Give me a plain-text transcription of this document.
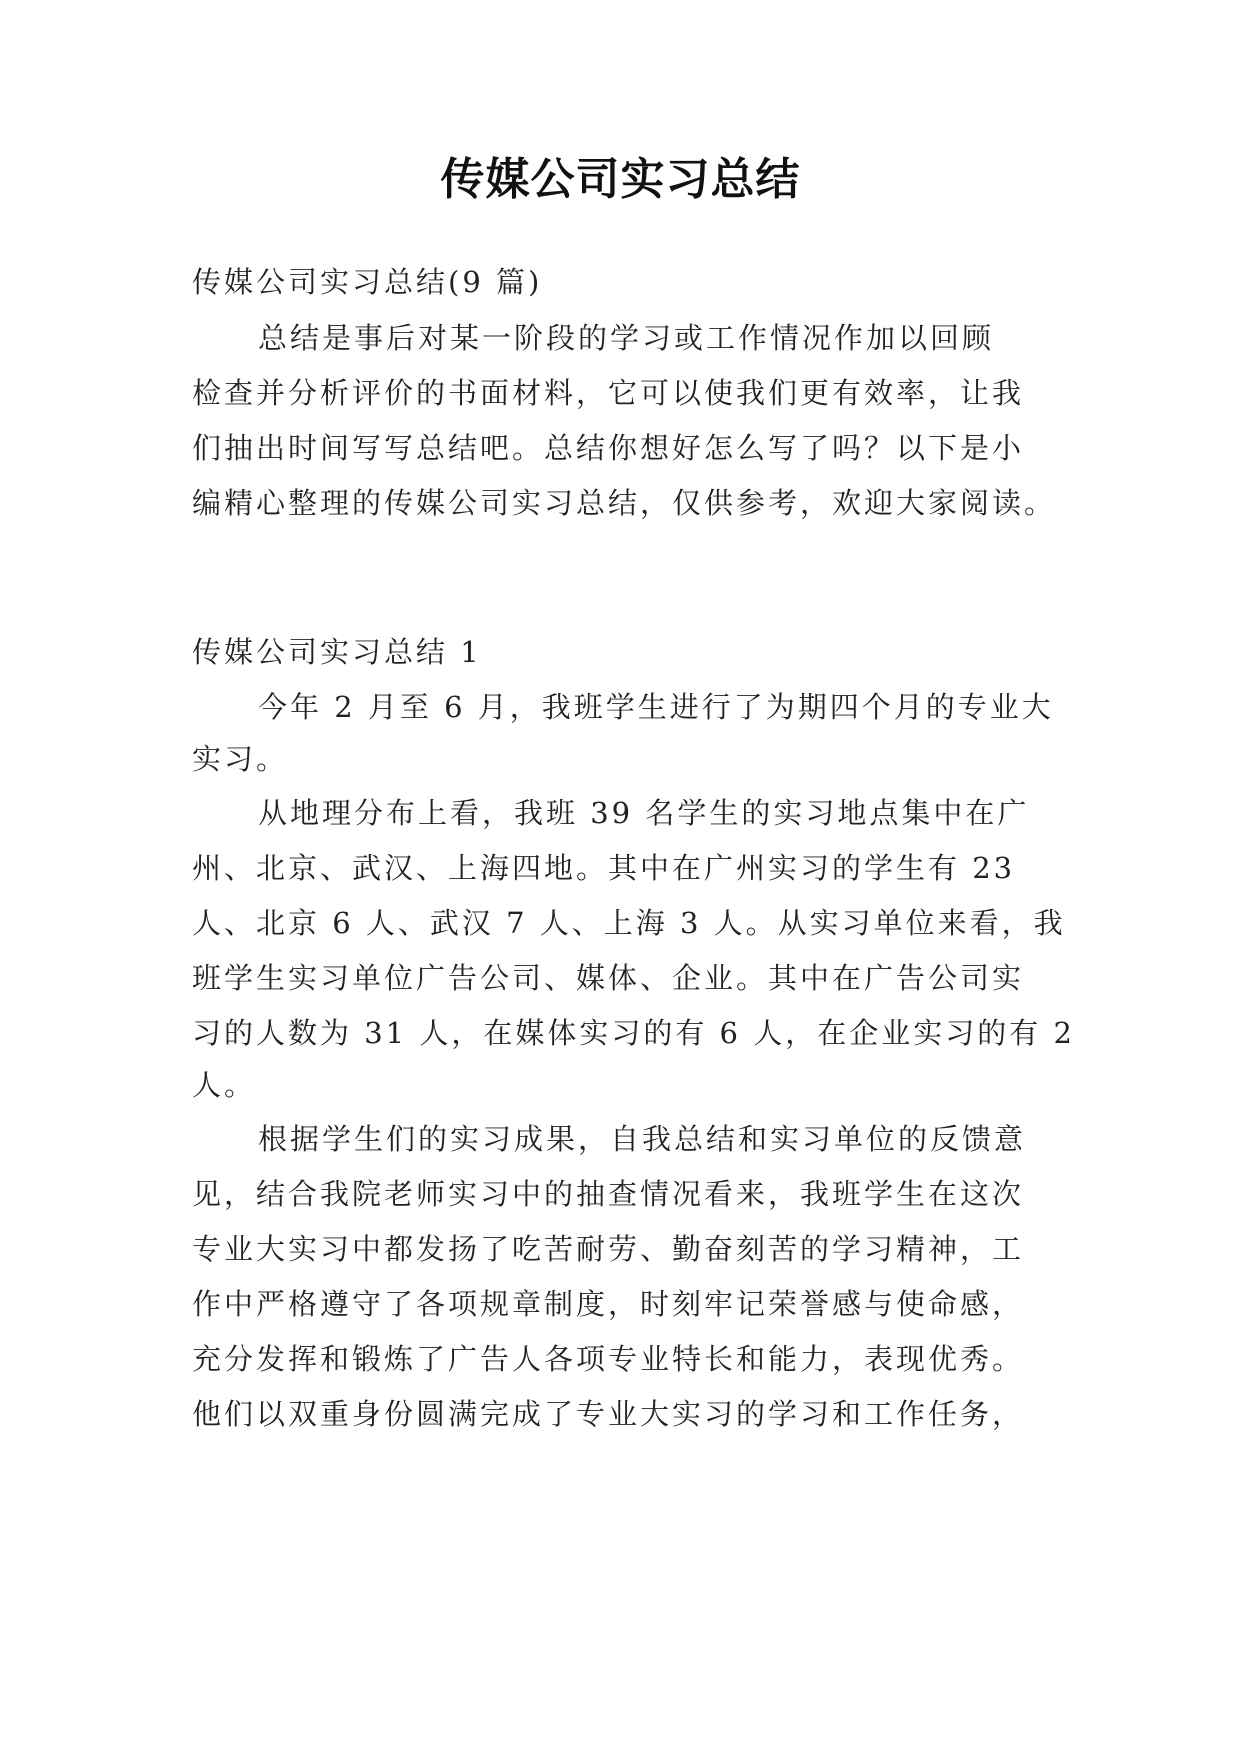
传媒公司实习总结
传媒公司实习总结(9 篇)
总结是事后对某一阶段的学习或工作情况作加以回顾
检查并分析评价的书面材料，它可以使我们更有效率，让我
们抽出时间写写总结吧。总结你想好怎么写了吗？以下是小
编精心整理的传媒公司实习总结，仅供参考，欢迎大家阅读。
传媒公司实习总结 1
今年 2 月至 6 月，我班学生进行了为期四个月的专业大
实习。
从地理分布上看，我班 39 名学生的实习地点集中在广
州、北京、武汉、上海四地。其中在广州实习的学生有 23
人、北京 6 人、武汉 7 人、上海 3 人。从实习单位来看，我
班学生实习单位广告公司、媒体、企业。其中在广告公司实
习的人数为 31 人，在媒体实习的有 6 人，在企业实习的有 2
人。
根据学生们的实习成果，自我总结和实习单位的反馈意
见，结合我院老师实习中的抽查情况看来，我班学生在这次
专业大实习中都发扬了吃苦耐劳、勤奋刻苦的学习精神，工
作中严格遵守了各项规章制度，时刻牢记荣誉感与使命感，
充分发挥和锻炼了广告人各项专业特长和能力，表现优秀。
他们以双重身份圆满完成了专业大实习的学习和工作任务，
